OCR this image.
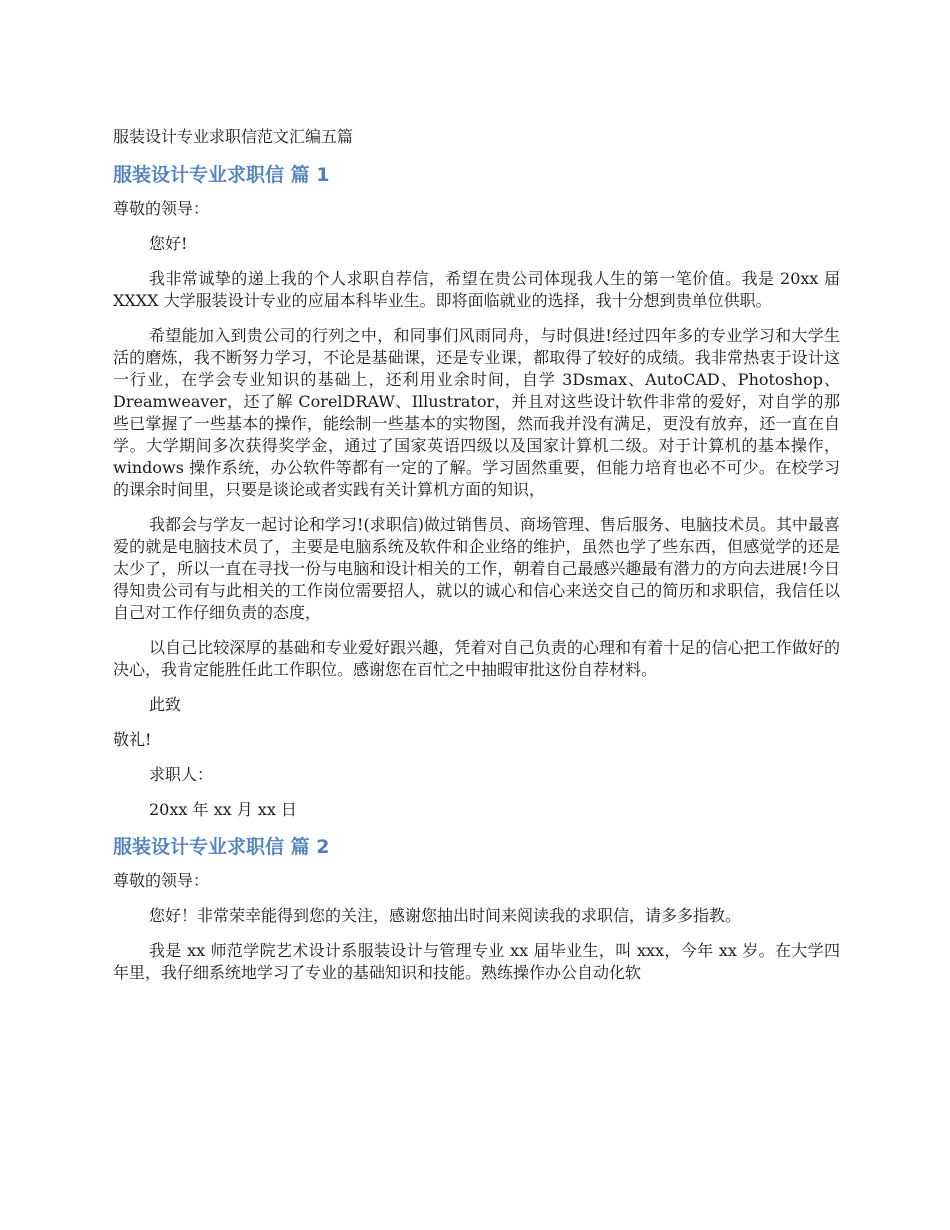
服装设计专业求职信范文汇编五篇
服装设计专业求职信 篇 1
尊敬的领导：
您好!
我非常诚挚的递上我的个人求职自荐信，希望在贵公司体现我人生的第一笔价值。我是 20xx 届 XXXX 大学服装设计专业的应届本科毕业生。即将面临就业的选择，我十分想到贵单位供职。
希望能加入到贵公司的行列之中，和同事们风雨同舟，与时俱进!经过四年多的专业学习和大学生活的磨炼，我不断努力学习，不论是基础课，还是专业课，都取得了较好的成绩。我非常热衷于设计这一行业，在学会专业知识的基础上，还利用业余时间，自学 3Dsmax、AutoCAD、Photoshop、Dreamweaver，还了解 CorelDRAW、Illustrator，并且对这些设计软件非常的爱好，对自学的那些已掌握了一些基本的操作，能绘制一些基本的实物图，然而我并没有满足，更没有放弃，还一直在自学。大学期间多次获得奖学金，通过了国家英语四级以及国家计算机二级。对于计算机的基本操作，windows 操作系统，办公软件等都有一定的了解。学习固然重要，但能力培育也必不可少。在校学习的课余时间里，只要是谈论或者实践有关计算机方面的知识，
我都会与学友一起讨论和学习!(求职信)做过销售员、商场管理、售后服务、电脑技术员。其中最喜爱的就是电脑技术员了，主要是电脑系统及软件和企业络的维护，虽然也学了些东西，但感觉学的还是太少了，所以一直在寻找一份与电脑和设计相关的工作，朝着自己最感兴趣最有潜力的方向去进展!今日得知贵公司有与此相关的工作岗位需要招人，就以的诚心和信心来送交自己的简历和求职信，我信任以自己对工作仔细负责的态度，
以自己比较深厚的基础和专业爱好跟兴趣，凭着对自己负责的心理和有着十足的信心把工作做好的决心，我肯定能胜任此工作职位。感谢您在百忙之中抽暇审批这份自荐材料。
此致
敬礼!
求职人：
20xx 年 xx 月 xx 日
服装设计专业求职信 篇 2
尊敬的领导：
您好！非常荣幸能得到您的关注，感谢您抽出时间来阅读我的求职信，请多多指教。
我是 xx 师范学院艺术设计系服装设计与管理专业 xx 届毕业生，叫 xxx，今年 xx 岁。在大学四年里，我仔细系统地学习了专业的基础知识和技能。熟练操作办公自动化软
